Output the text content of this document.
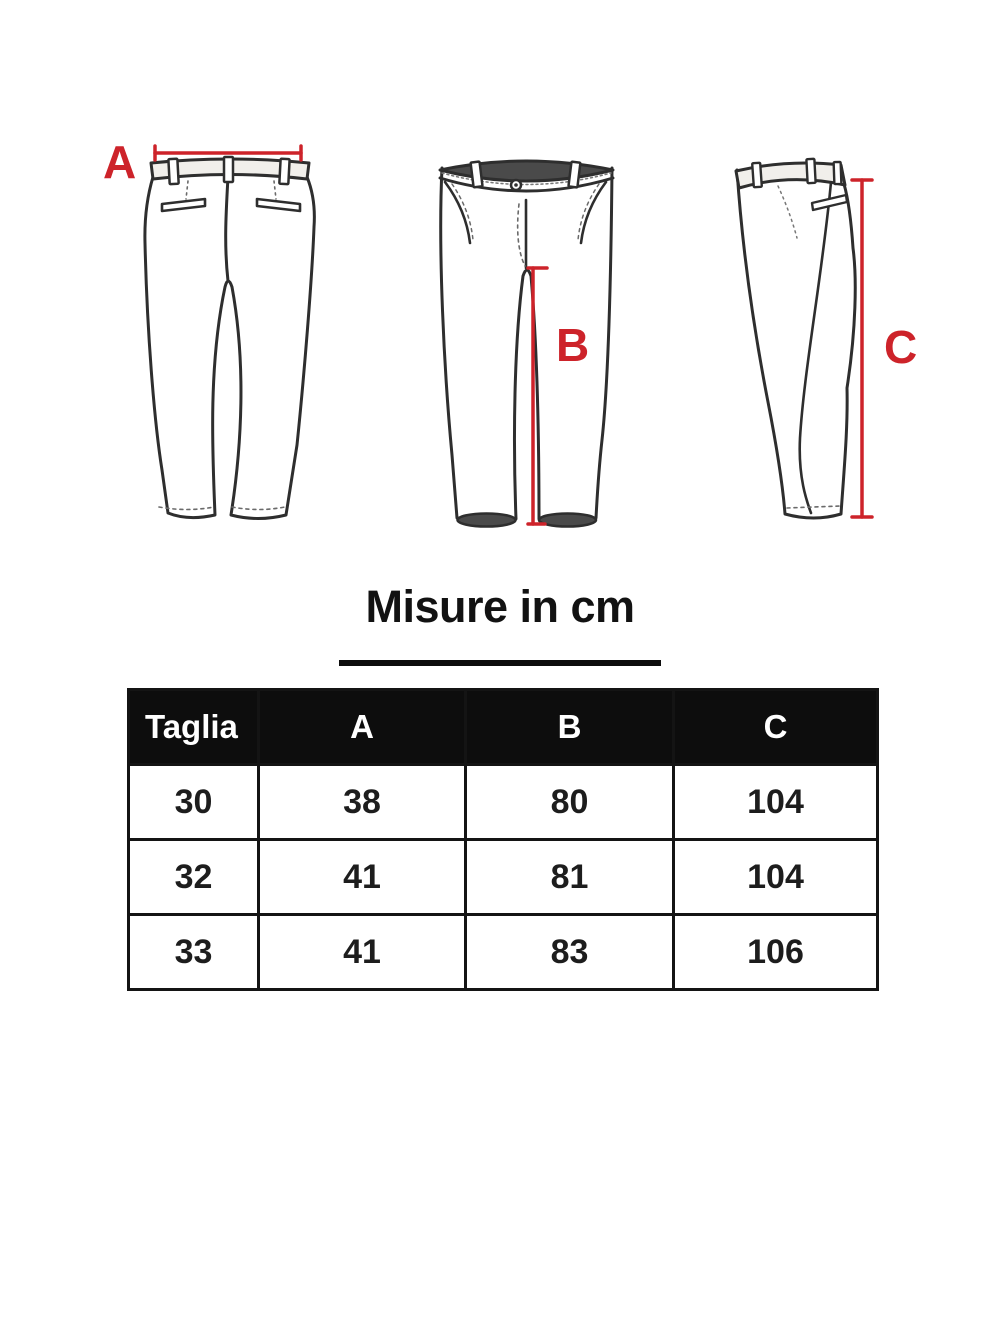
A
B	C
Misure in cm
Taglia	A	B	C
30	38	80	104
32	41	81	104
33	41	83	106
